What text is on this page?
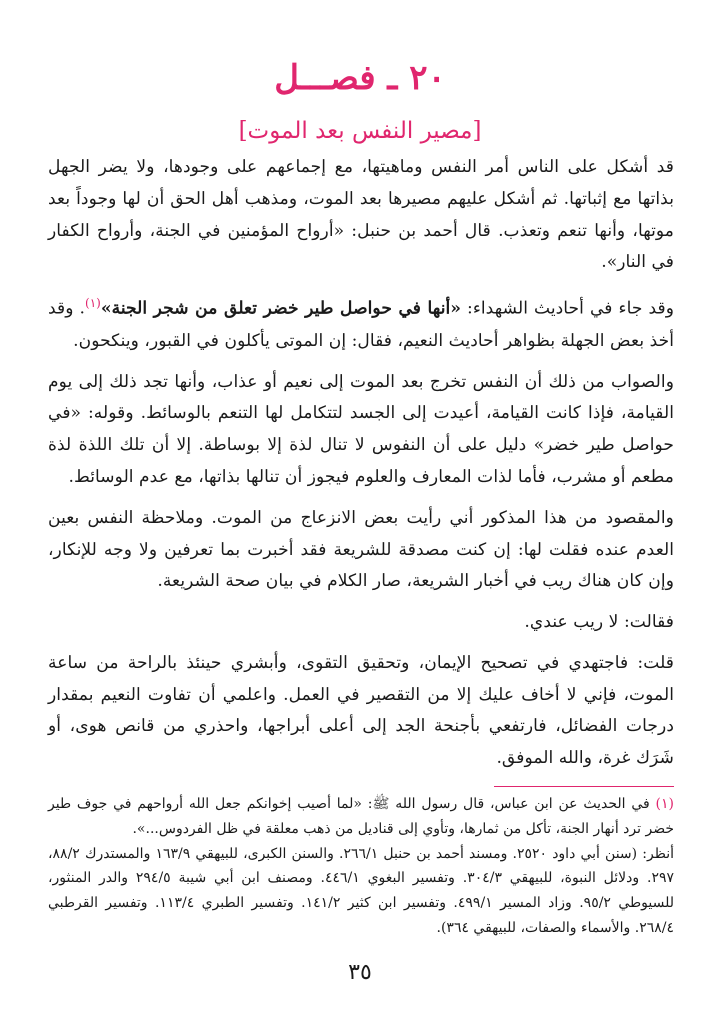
٢٠ ـ فصـــل
[مصير النفس بعد الموت]

قد أشكل على الناس أمر النفس وماهيتها، مع إجماعهم على وجودها، ولا يضر الجهل بذاتها مع إثباتها. ثم أشكل عليهم مصيرها بعد الموت، ومذهب أهل الحق أن لها وجوداً بعد موتها، وأنها تنعم وتعذب. قال أحمد بن حنبل: «أرواح المؤمنين في الجنة، وأرواح الكفار في النار».

وقد جاء في أحاديث الشهداء: «أنها في حواصل طير خضر تعلق من شجر الجنة»$^{(١)}$. وقد أخذ بعض الجهلة بظواهر أحاديث النعيم، فقال: إن الموتى يأكلون في القبور، وينكحون.

والصواب من ذلك أن النفس تخرج بعد الموت إلى نعيم أو عذاب، وأنها تجد ذلك إلى يوم القيامة، فإذا كانت القيامة، أعيدت إلى الجسد لتتكامل لها التنعم بالوسائط. وقوله: «في حواصل طير خضر» دليل على أن النفوس لا تنال لذة إلا بوساطة. إلا أن تلك اللذة لذة مطعم أو مشرب، فأما لذات المعارف والعلوم فيجوز أن تنالها بذاتها، مع عدم الوسائط.

والمقصود من هذا المذكور أني رأيت بعض الانزعاج من الموت. وملاحظة النفس بعين العدم عنده فقلت لها: إن كنت مصدقة للشريعة فقد أخبرت بما تعرفين ولا وجه للإنكار، وإن كان هناك ريب في أخبار الشريعة، صار الكلام في بيان صحة الشريعة.

فقالت: لا ريب عندي.

قلت: فاجتهدي في تصحيح الإيمان، وتحقيق التقوى، وأبشري حينئذ بالراحة من ساعة الموت، فإني لا أخاف عليك إلا من التقصير في العمل. واعلمي أن تفاوت النعيم بمقدار درجات الفضائل، فارتفعي بأجنحة الجد إلى أعلى أبراجها، واحذري من قانص هوى، أو شَرَك غرة، والله الموفق.

(١) في الحديث عن ابن عباس، قال رسول الله ﷺ: «لما أصيب إخوانكم جعل الله أرواحهم في جوف طير خضر ترد أنهار الجنة، تأكل من ثمارها، وتأوي إلى قناديل من ذهب معلقة في ظل الفردوس...».

أنظر: (سنن أبي داود ٢٥٢٠. ومسند أحمد بن حنبل ٢٦٦/١. والسنن الكبرى، للبيهقي ١٦٣/٩ والمستدرك ٨٨/٢، ٢٩٧. ودلائل النبوة، للبيهقي ٣٠٤/٣. وتفسير البغوي ٤٤٦/١. ومصنف ابن أبي شيبة ٢٩٤/٥ والدر المنثور، للسيوطي ٩٥/٢. وزاد المسير ٤٩٩/١. وتفسير ابن كثير ١٤١/٢. وتفسير الطبري ١١٣/٤. وتفسير القرطبي ٢٦٨/٤. والأسماء والصفات، للبيهقي ٣٦٤).

٣٥
